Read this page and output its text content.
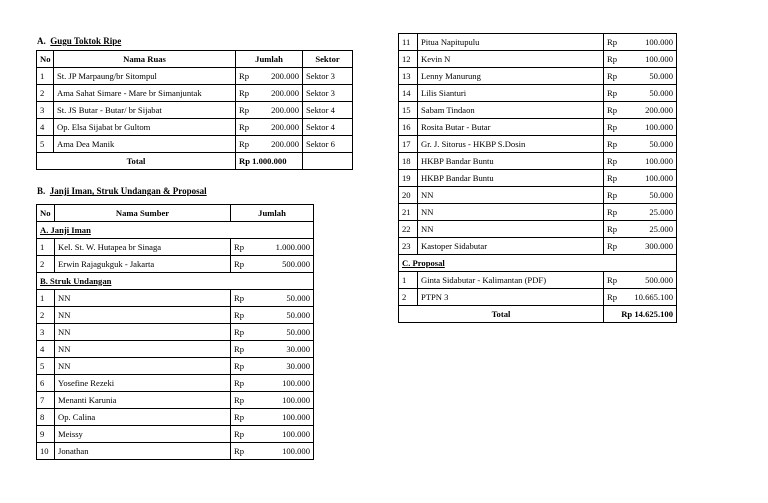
A. Gugu Toktok Ripe
No	Nama Ruas	Jumlah		Sektor
1	St. JP Marpaung/br Sitompul	Rp	200.000	Sektor 3
2	Ama Sahat Simare - Mare br Simanjuntak	Rp	200.000	Sektor 3
3	St. JS Butar - Butar/ br Sijabat	Rp	200.000	Sektor 4
4	Op. Elsa Sijabat br Gultom	Rp	200.000	Sektor 4
5	Ama Dea Manik	Rp	200.000	Sektor 6
Total		Rp 1.000.000		
B. Janji Iman, Struk Undangan & Proposal
No	Nama Sumber	Jumlah	
A. Janji Iman			
1	Kel. St. W. Hutapea br Sinaga	Rp	1.000.000
2	Erwin Rajagukguk - Jakarta	Rp	500.000
B. Struk Undangan			
1	NN	Rp	50.000
2	NN	Rp	50.000
3	NN	Rp	50.000
4	NN	Rp	30.000
5	NN	Rp	30.000
6	Yosefine Rezeki	Rp	100.000
7	Menanti Karunia	Rp	100.000
8	Op. Calina	Rp	100.000
9	Meissy	Rp	100.000
10	Jonathan	Rp	100.000
11	Pitua Napitupulu	Rp	100.000
12	Kevin N	Rp	100.000
13	Lenny Manurung	Rp	50.000
14	Lilis Sianturi	Rp	50.000
15	Sabam Tindaon	Rp	200.000
16	Rosita Butar - Butar	Rp	100.000
17	Gr. J. Sitorus - HKBP S.Dosin	Rp	50.000
18	HKBP Bandar Buntu	Rp	100.000
19	HKBP Bandar Buntu	Rp	100.000
20	NN	Rp	50.000
21	NN	Rp	25.000
22	NN	Rp	25.000
23	Kastoper Sidabutar	Rp	300.000
C. Proposal			
1	Ginta Sidabutar - Kalimantan (PDF)	Rp	500.000
2	PTPN 3	Rp	10.665.100
Total		Rp 14.625.100	
